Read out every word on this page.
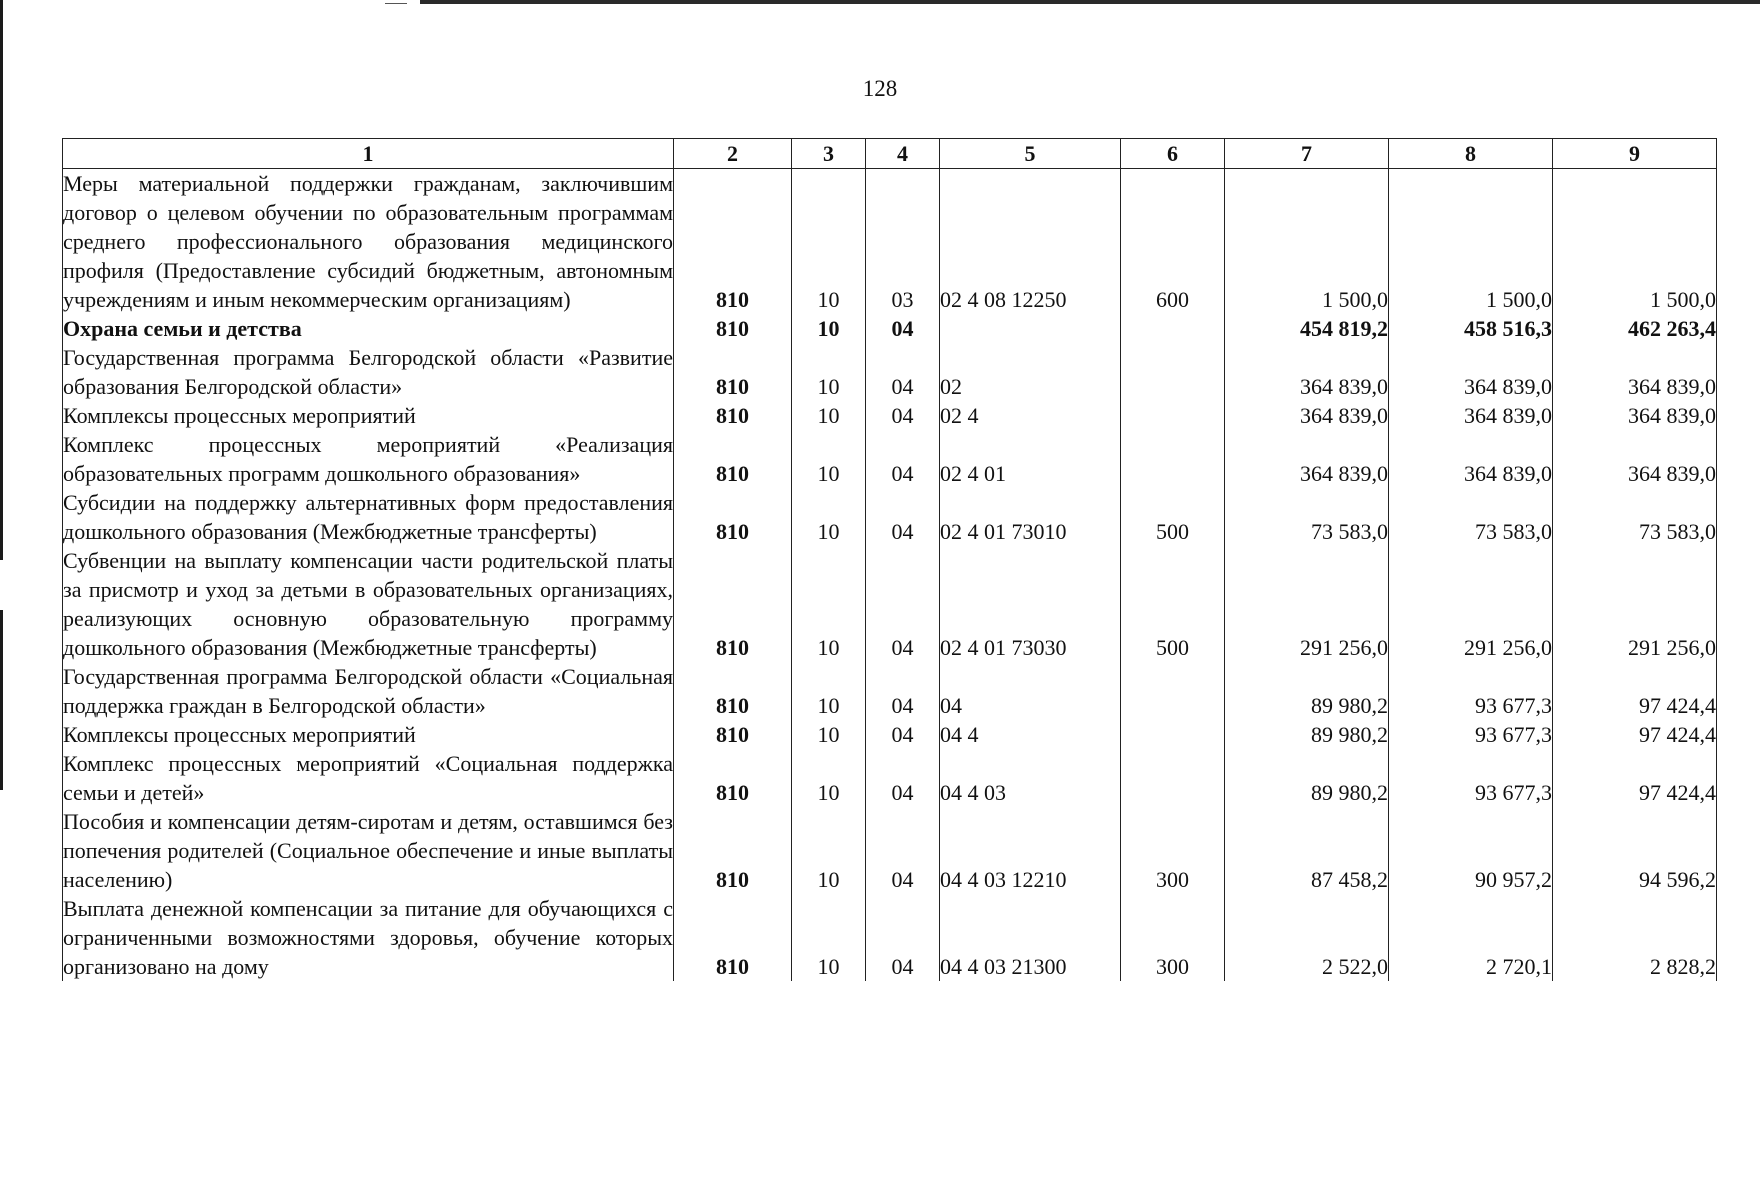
128
1	2	3	4	5	6	7	8	9
Меры материальной поддержки гражданам, заключившим договор о целевом обучении по образовательным программам среднего профессионального образования медицинского профиля (Предоставление субсидий бюджетным, автономным учреждениям и иным некоммерческим организациям)	810	10	03	02 4 08 12250	600	1 500,0	1 500,0	1 500,0
Охрана семьи и детства	810	10	04			454 819,2	458 516,3	462 263,4
Государственная программа Белгородской области «Развитие образования Белгородской области»	810	10	04	02		364 839,0	364 839,0	364 839,0
Комплексы процессных мероприятий	810	10	04	02 4		364 839,0	364 839,0	364 839,0
Комплекс процессных мероприятий «Реализация образовательных программ дошкольного образования»	810	10	04	02 4 01		364 839,0	364 839,0	364 839,0
Субсидии на поддержку альтернативных форм предоставления дошкольного образования (Межбюджетные трансферты)	810	10	04	02 4 01 73010	500	73 583,0	73 583,0	73 583,0
Субвенции на выплату компенсации части родительской платы за присмотр и уход за детьми в образовательных организациях, реализующих основную образовательную программу дошкольного образования (Межбюджетные трансферты)	810	10	04	02 4 01 73030	500	291 256,0	291 256,0	291 256,0
Государственная программа Белгородской области «Социальная поддержка граждан в Белгородской области»	810	10	04	04		89 980,2	93 677,3	97 424,4
Комплексы процессных мероприятий	810	10	04	04 4		89 980,2	93 677,3	97 424,4
Комплекс процессных мероприятий «Социальная поддержка семьи и детей»	810	10	04	04 4 03		89 980,2	93 677,3	97 424,4
Пособия и компенсации детям-сиротам и детям, оставшимся без попечения родителей (Социальное обеспечение и иные выплаты населению)	810	10	04	04 4 03 12210	300	87 458,2	90 957,2	94 596,2
Выплата денежной компенсации за питание для обучающихся с ограниченными возможностями здоровья, обучение которых организовано на дому	810	10	04	04 4 03 21300	300	2 522,0	2 720,1	2 828,2
